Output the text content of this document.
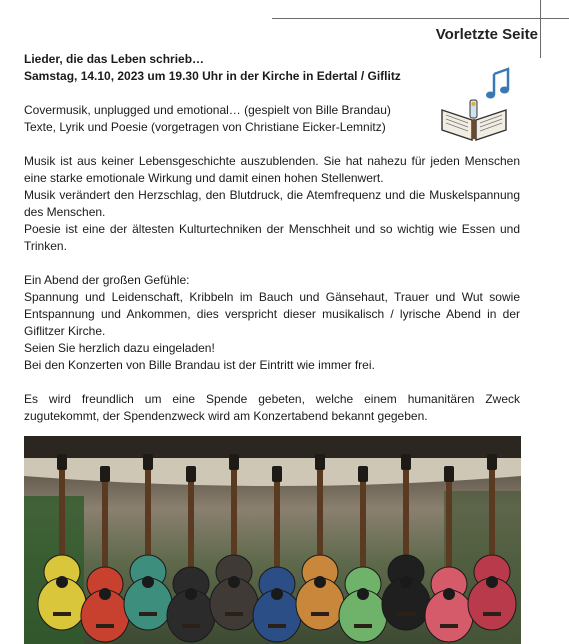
Vorletzte Seite

Lieder, die das Leben schrieb…

Samstag, 14.10, 2023 um 19.30 Uhr in der Kirche in Edertal / Giflitz

Covermusik, unplugged und emotional… (gespielt von Bille Brandau)

Texte, Lyrik und Poesie (vorgetragen von Christiane Eicker-Lemnitz)

Musik ist aus keiner Lebensgeschichte auszublenden. Sie hat nahezu für jeden Menschen eine starke emotionale Wirkung und damit einen hohen Stellenwert.

Musik verändert den Herzschlag, den Blutdruck, die Atemfrequenz und die Muskelspannung des Menschen.

Poesie ist eine der ältesten Kulturtechniken der Menschheit und so wichtig wie Essen und Trinken.

Ein Abend der großen Gefühle:

Spannung und Leidenschaft, Kribbeln im Bauch und Gänsehaut, Trauer und Wut sowie Entspannung und Ankommen, dies verspricht dieser musikalisch / lyrische Abend in der Giflitzer Kirche.

Seien Sie herzlich dazu eingeladen!

Bei den Konzerten von Bille Brandau ist der Eintritt wie immer frei.

Es wird freundlich um eine Spende gebeten, welche einem humanitären Zweck zugutekommt, der Spendenzweck wird am Konzertabend bekannt gegeben.
